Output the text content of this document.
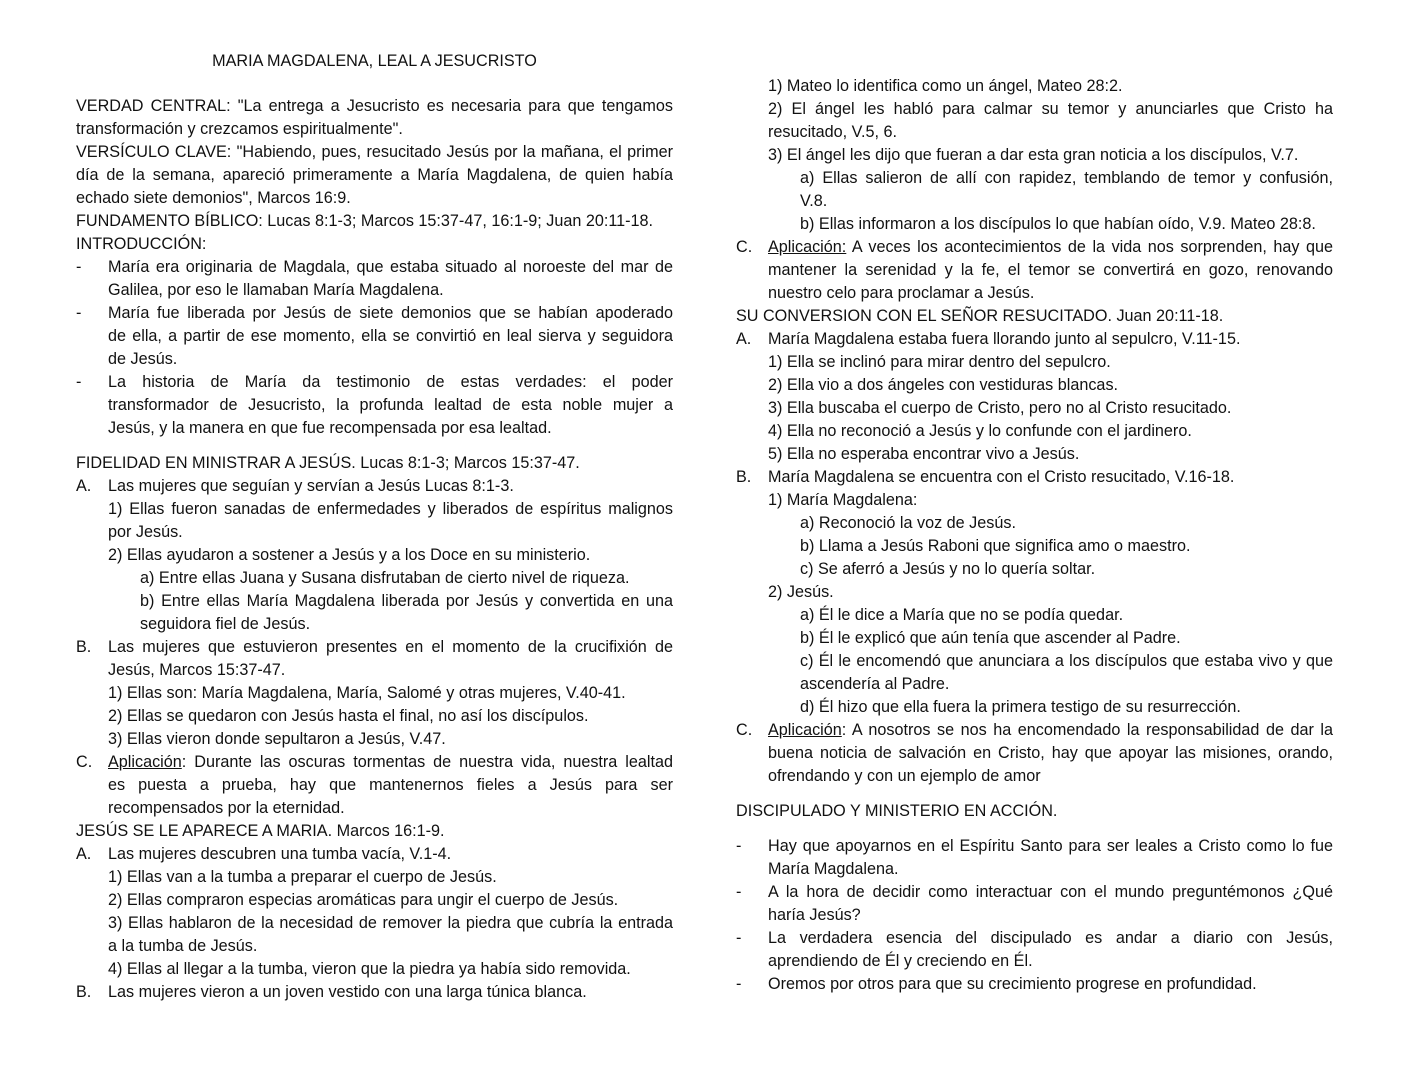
MARIA MAGDALENA, LEAL A JESUCRISTO
VERDAD CENTRAL: "La entrega a Jesucristo es necesaria para que tengamos
transformación y crezcamos espiritualmente".
VERSÍCULO CLAVE: "Habiendo, pues, resucitado Jesús por la mañana, el primer
día de la semana, apareció primeramente a María Magdalena, de quien había
echado siete demonios", Marcos 16:9.
FUNDAMENTO BÍBLICO: Lucas 8:1-3; Marcos 15:37-47, 16:1-9; Juan 20:11-18.
INTRODUCCIÓN:
-	María era originaria de Magdala, que estaba situado al noroeste del mar de
Galilea, por eso le llamaban María Magdalena.
-	María fue liberada por Jesús de siete demonios que se habían apoderado
de ella, a partir de ese momento, ella se convirtió en leal sierva y seguidora
de Jesús.
-	La historia de María da testimonio de estas verdades: el poder
transformador de Jesucristo, la profunda lealtad de esta noble mujer a
Jesús, y la manera en que fue recompensada por esa lealtad.
FIDELIDAD EN MINISTRAR A JESÚS. Lucas 8:1-3; Marcos 15:37-47.
A.	Las mujeres que seguían y servían a Jesús Lucas 8:1-3.
1) Ellas fueron sanadas de enfermedades y liberados de espíritus malignos
por Jesús.
2) Ellas ayudaron a sostener a Jesús y a los Doce en su ministerio.
a) Entre ellas Juana y Susana disfrutaban de cierto nivel de riqueza.
b) Entre ellas María Magdalena liberada por Jesús y convertida en una
seguidora fiel de Jesús.
B.	Las mujeres que estuvieron presentes en el momento de la crucifixión de
Jesús, Marcos 15:37-47.
1) Ellas son: María Magdalena, María, Salomé y otras mujeres, V.40-41.
2) Ellas se quedaron con Jesús hasta el final, no así los discípulos.
3) Ellas vieron donde sepultaron a Jesús, V.47.
C. Aplicación: Durante las oscuras tormentas de nuestra vida, nuestra lealtad
es puesta a prueba, hay que mantenernos fieles a Jesús para ser
recompensados por la eternidad.
JESÚS SE LE APARECE A MARIA. Marcos 16:1-9.
A.	Las mujeres descubren una tumba vacía, V.1-4.
1) Ellas van a la tumba a preparar el cuerpo de Jesús.
2) Ellas compraron especias aromáticas para ungir el cuerpo de Jesús.
3) Ellas hablaron de la necesidad de remover la piedra que cubría la entrada
a la tumba de Jesús.
4) Ellas al llegar a la tumba, vieron que la piedra ya había sido removida.
B.	Las mujeres vieron a un joven vestido con una larga túnica blanca.
1) Mateo lo identifica como un ángel, Mateo 28:2.
2) El ángel les habló para calmar su temor y anunciarles que Cristo ha
resucitado, V.5, 6.
3) El ángel les dijo que fueran a dar esta gran noticia a los discípulos, V.7.
a) Ellas salieron de allí con rapidez, temblando de temor y confusión,
V.8.
b) Ellas informaron a los discípulos lo que habían oído, V.9. Mateo 28:8.
C. Aplicación: A veces los acontecimientos de la vida nos sorprenden, hay que
mantener la serenidad y la fe, el temor se convertirá en gozo, renovando
nuestro celo para proclamar a Jesús.
SU CONVERSION CON EL SEÑOR RESUCITADO. Juan 20:11-18.
A.	María Magdalena estaba fuera llorando junto al sepulcro, V.11-15.
1) Ella se inclinó para mirar dentro del sepulcro.
2) Ella vio a dos ángeles con vestiduras blancas.
3) Ella buscaba el cuerpo de Cristo, pero no al Cristo resucitado.
4) Ella no reconoció a Jesús y lo confunde con el jardinero.
5) Ella no esperaba encontrar vivo a Jesús.
B.	María Magdalena se encuentra con el Cristo resucitado, V.16-18.
1) María Magdalena:
a) Reconoció la voz de Jesús.
b) Llama a Jesús Raboni que significa amo o maestro.
c) Se aferró a Jesús y no lo quería soltar.
2) Jesús.
a) Él le dice a María que no se podía quedar.
b) Él le explicó que aún tenía que ascender al Padre.
c) Él le encomendó que anunciara a los discípulos que estaba vivo y que
ascendería al Padre.
d) Él hizo que ella fuera la primera testigo de su resurrección.
C. Aplicación: A nosotros se nos ha encomendado la responsabilidad de dar la
buena noticia de salvación en Cristo, hay que apoyar las misiones, orando,
ofrendando y con un ejemplo de amor
DISCIPULADO Y MINISTERIO EN ACCIÓN.
-	Hay que apoyarnos en el Espíritu Santo para ser leales a Cristo como lo fue
María Magdalena.
-	A la hora de decidir como interactuar con el mundo preguntémonos ¿Qué
haría Jesús?
-	La verdadera esencia del discipulado es andar a diario con Jesús,
aprendiendo de Él y creciendo en Él.
-	Oremos por otros para que su crecimiento progrese en profundidad.
